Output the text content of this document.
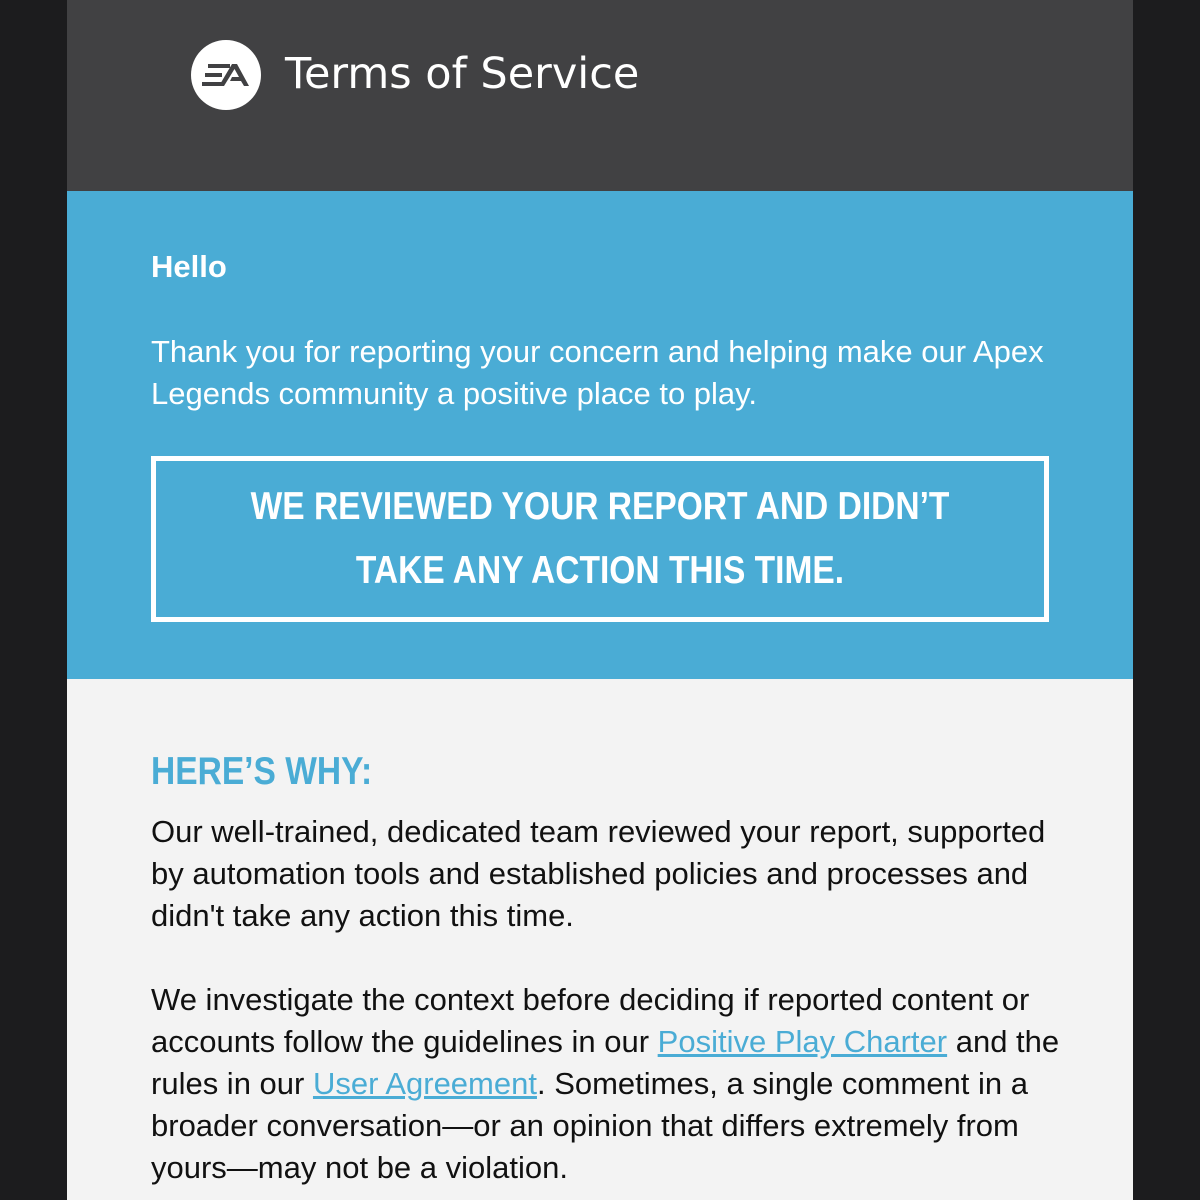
Terms of Service
Hello

Thank you for reporting your concern and helping make our Apex Legends community a positive place to play.

WE REVIEWED YOUR REPORT AND DIDN’T
TAKE ANY ACTION THIS TIME.
HERE’S WHY:

Our well-trained, dedicated team reviewed your report, supported by automation tools and established policies and processes and didn't take any action this time.

We investigate the context before deciding if reported content or accounts follow the guidelines in our Positive Play Charter and the rules in our User Agreement. Sometimes, a single comment in a broader conversation—or an opinion that differs extremely from yours—may not be a violation.
